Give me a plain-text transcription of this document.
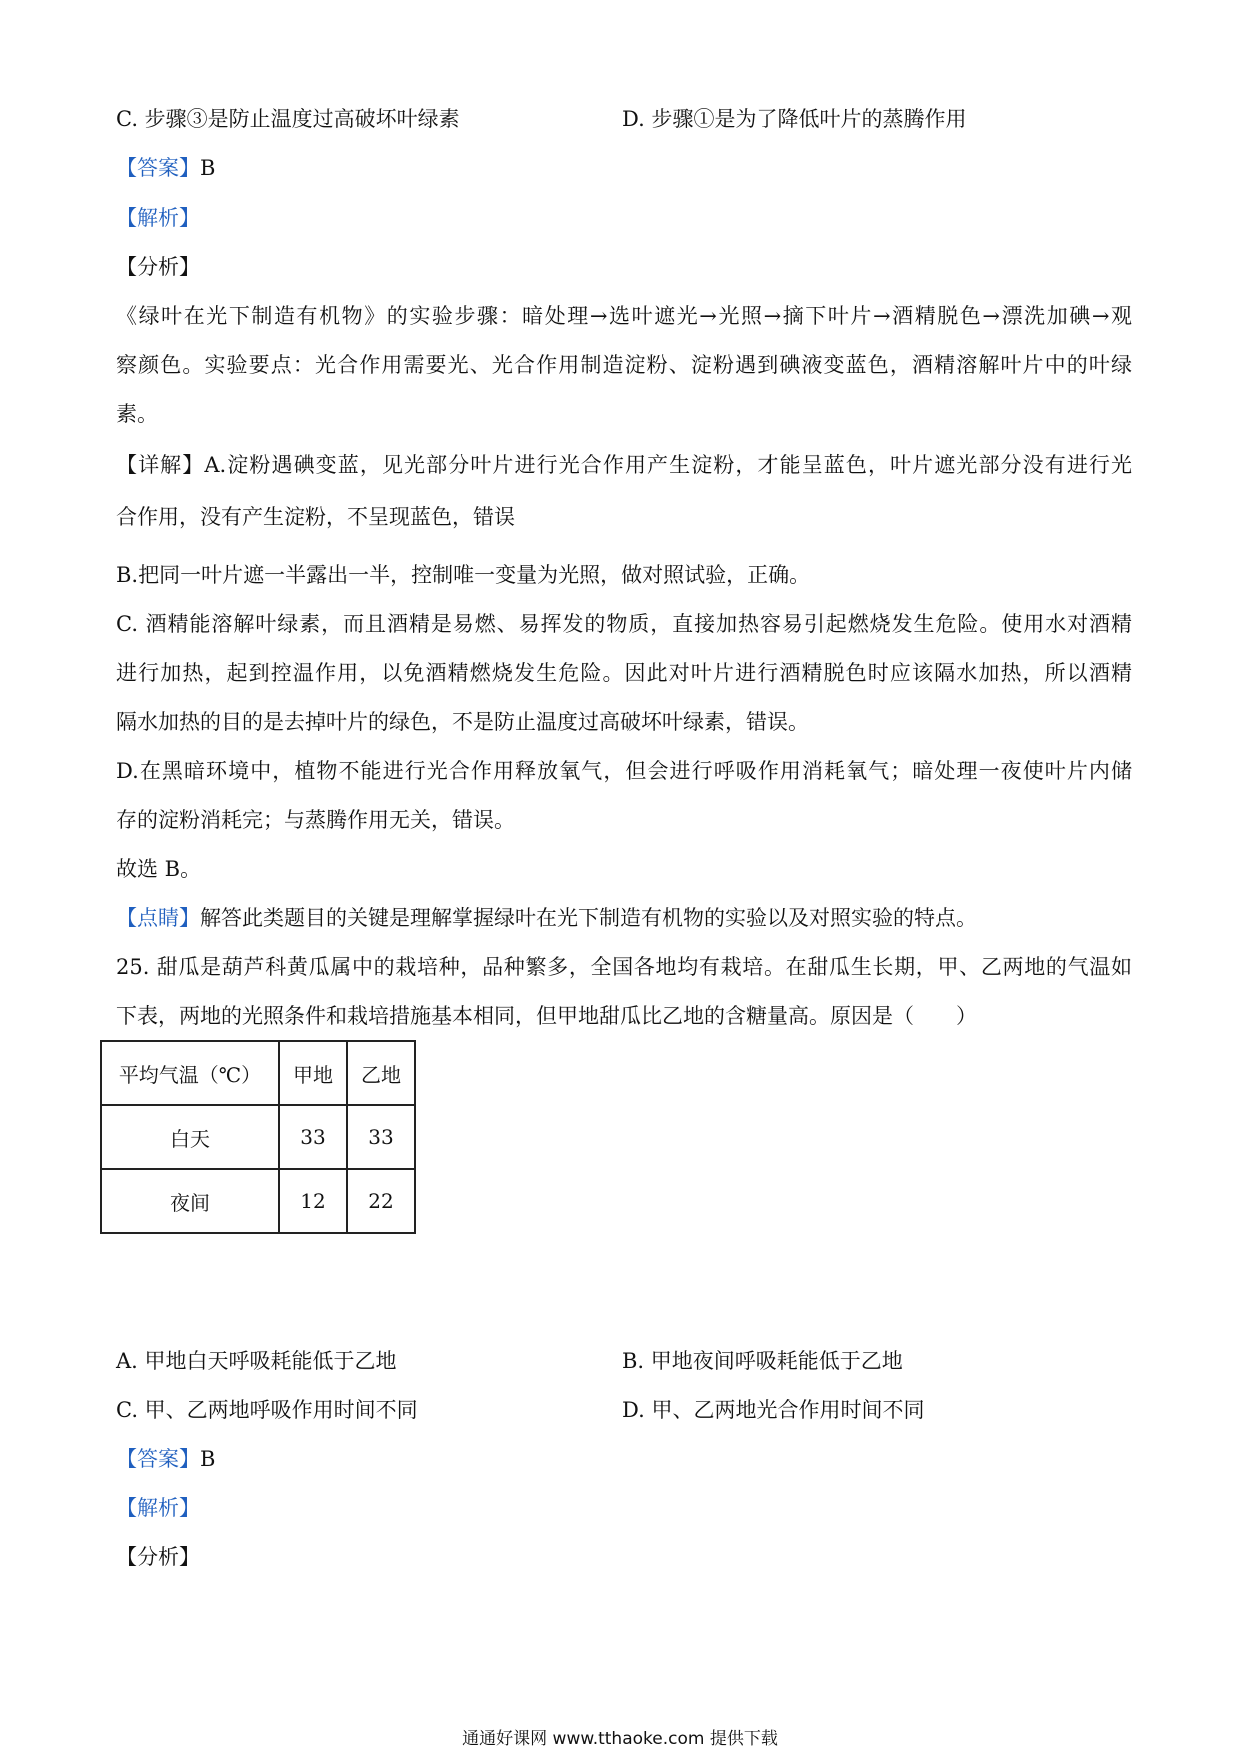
C. 步骤③是防止温度过高破坏叶绿素	D. 步骤①是为了降低叶片的蒸腾作用
【答案】B
【解析】
【分析】
《绿叶在光下制造有机物》的实验步骤：暗处理→选叶遮光→光照→摘下叶片→酒精脱色→漂洗加碘→观
察颜色。实验要点：光合作用需要光、光合作用制造淀粉、淀粉遇到碘液变蓝色，酒精溶解叶片中的叶绿
素。
【详解】A.淀粉遇碘变蓝，见光部分叶片进行光合作用产生淀粉，才能呈蓝色，叶片遮光部分没有进行光
合作用，没有产生淀粉，不呈现蓝色，错误
B.把同一叶片遮一半露出一半，控制唯一变量为光照，做对照试验，正确。
C. 酒精能溶解叶绿素，而且酒精是易燃、易挥发的物质，直接加热容易引起燃烧发生危险。使用水对酒精
进行加热，起到控温作用，以免酒精燃烧发生危险。因此对叶片进行酒精脱色时应该隔水加热，所以酒精
隔水加热的目的是去掉叶片的绿色，不是防止温度过高破坏叶绿素，错误。
D.在黑暗环境中，植物不能进行光合作用释放氧气，但会进行呼吸作用消耗氧气；暗处理一夜使叶片内储
存的淀粉消耗完；与蒸腾作用无关，错误。
故选 B。
【点睛】解答此类题目的关键是理解掌握绿叶在光下制造有机物的实验以及对照实验的特点。
25. 甜瓜是葫芦科黄瓜属中的栽培种，品种繁多，全国各地均有栽培。在甜瓜生长期，甲、乙两地的气温如
下表，两地的光照条件和栽培措施基本相同，但甲地甜瓜比乙地的含糖量高。原因是（　　）
平均气温（℃）	甲地	乙地
白天	33	33
夜间	12	22
A. 甲地白天呼吸耗能低于乙地	B. 甲地夜间呼吸耗能低于乙地
C. 甲、乙两地呼吸作用时间不同	D. 甲、乙两地光合作用时间不同
【答案】B
【解析】
【分析】
通通好课网 www.tthaoke.com 提供下载
